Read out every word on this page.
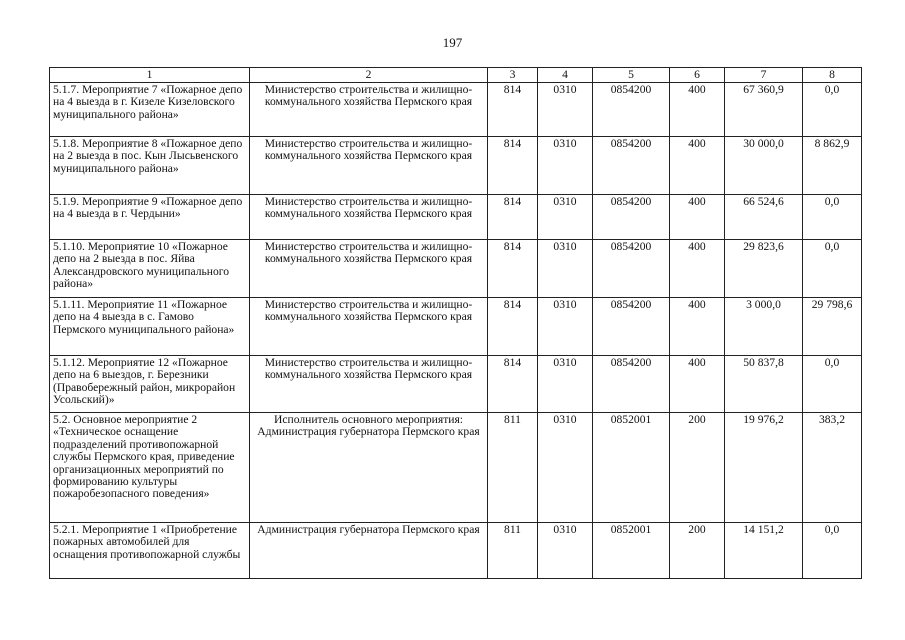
197
1	2	3	4	5	6	7	8
5.1.7. Мероприятие 7 «Пожарное депо на 4 выезда в г. Кизеле Кизеловского муниципального района»	Министерство строительства и жилищно-коммунального хозяйства Пермского края	814	0310	0854200	400	67 360,9	0,0
5.1.8. Мероприятие 8 «Пожарное депо на 2 выезда в пос. Кын Лысьвенского муниципального района»	Министерство строительства и жилищно-коммунального хозяйства Пермского края	814	0310	0854200	400	30 000,0	8 862,9
5.1.9. Мероприятие 9 «Пожарное депо на 4 выезда в г. Чердыни»	Министерство строительства и жилищно-коммунального хозяйства Пермского края	814	0310	0854200	400	66 524,6	0,0
5.1.10. Мероприятие 10 «Пожарное депо на 2 выезда в пос. Яйва Александровского муниципального района»	Министерство строительства и жилищно-коммунального хозяйства Пермского края	814	0310	0854200	400	29 823,6	0,0
5.1.11. Мероприятие 11 «Пожарное депо на 4 выезда в с. Гамово Пермского муниципального района»	Министерство строительства и жилищно-коммунального хозяйства Пермского края	814	0310	0854200	400	3 000,0	29 798,6
5.1.12. Мероприятие 12 «Пожарное депо на 6 выездов, г. Березники (Правобережный район, микрорайон Усольский)»	Министерство строительства и жилищно-коммунального хозяйства Пермского края	814	0310	0854200	400	50 837,8	0,0
5.2. Основное мероприятие 2 «Техническое оснащение подразделений противопожарной службы Пермского края, приведение организационных мероприятий по формированию культуры пожаробезопасного поведения»	Исполнитель основного мероприятия: Администрация губернатора Пермского края	811	0310	0852001	200	19 976,2	383,2
5.2.1. Мероприятие 1 «Приобретение пожарных автомобилей для оснащения противопожарной службы	Администрация губернатора Пермского края	811	0310	0852001	200	14 151,2	0,0
